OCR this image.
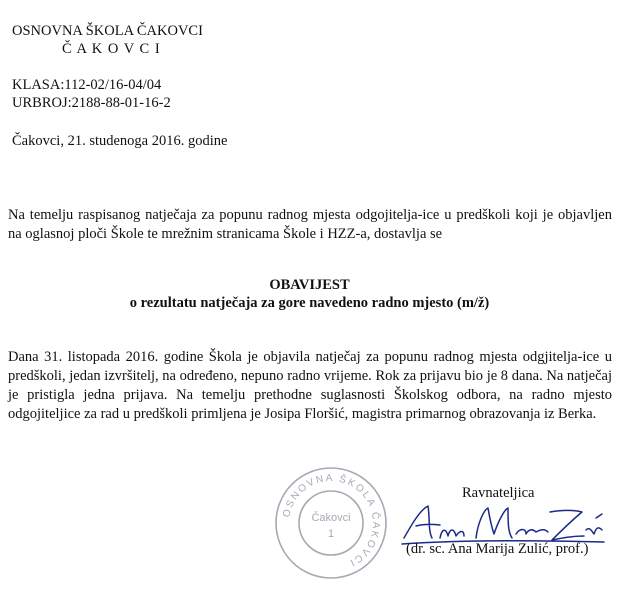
OSNOVNA ŠKOLA ČAKOVCI
Č A K O V C I
KLASA:112-02/16-04/04
URBROJ:2188-88-01-16-2
Čakovci, 21. studenoga 2016. godine
Na temelju raspisanog natječaja za popunu radnog mjesta odgojitelja-ice u predškoli koji je objavljen na oglasnoj ploči Škole te mrežnim stranicama Škole i HZZ-a, dostavlja se
OBAVIJEST
o rezultatu natječaja za gore navedeno radno mjesto (m/ž)
Dana 31. listopada 2016. godine Škola je objavila natječaj za popunu radnog mjesta odgjitelja-ice u predškoli, jedan izvršitelj, na određeno, nepuno radno vrijeme. Rok za prijavu bio je 8 dana. Na natječaj je pristigla jedna prijava. Na temelju prethodne suglasnosti Školskog odbora, na radno mjesto odgojiteljice za rad u predškoli primljena je Josipa Floršić, magistra primarnog obrazovanja iz Berka.
OSNOVNA ŠKOLA ČAKOVCI
Čakovci
1
Ravnateljica
(dr. sc. Ana Marija Zulić, prof.)
